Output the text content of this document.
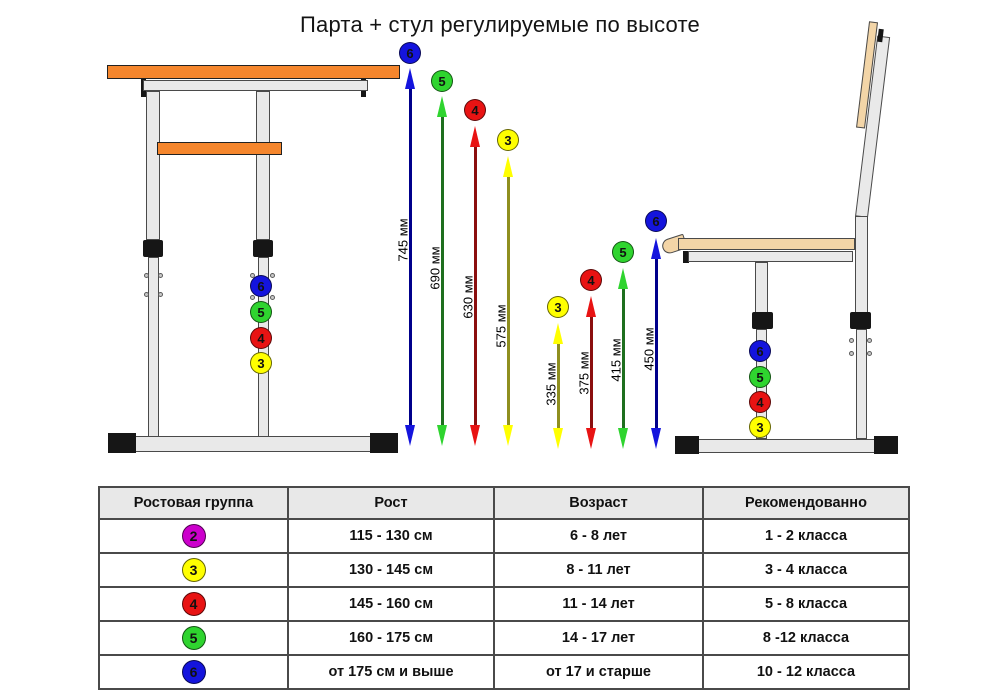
Парта + стул регулируемые по высоте
6
5
4
3
6
5
4
3
6
745 мм
5
690 мм
4
630 мм
3
575 мм	3
335 мм
4
375 мм
5
415 мм
6
450 мм
Ростовая группа	Рост	Возраст	Рекомендованно
2	115 - 130 см	6 - 8 лет	1 - 2 класса
3	130 - 145 см	8 - 11 лет	3 - 4 класса
4	145 - 160 см	11 - 14 лет	5 - 8 класса
5	160 - 175 см	14 - 17 лет	8 -12 класса
6	от 175 см и выше	от 17 и старше	10 - 12 класса
